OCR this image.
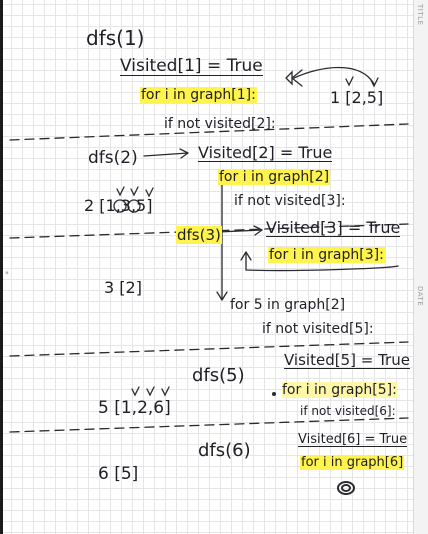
▪
TITLE
DATE
dfs(1)
Visited[1] = True
for i in graph[1]:	1 [2,5]
if not visited[2]:
dfs(2)	Visited[2] = True
for i in graph[2]
2 [1,3,5]	if not visited[3]:
dfs(3)	Visited[3] = True
for i in graph[3]:
3 [2]
for 5 in graph[2]
if not visited[5]:
dfs(5)
Visited[5] = True
for i in graph[5]:
5 [1,2,6]	if not visited[6]:
dfs(6)
Visited[6] = True
for i in graph[6]
6 [5]
